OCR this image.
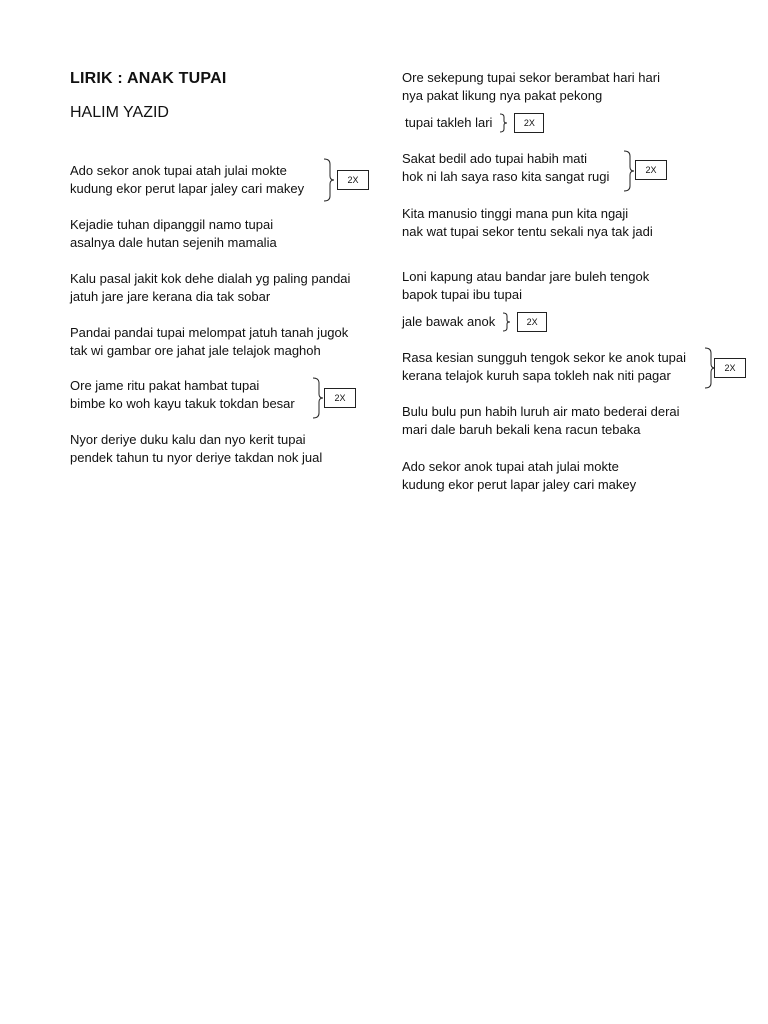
LIRIK : ANAK TUPAI
HALIM YAZID
Ado sekor anok tupai atah julai mokte
kudung ekor perut lapar jaley cari makey
2X
Kejadie tuhan dipanggil namo tupai
asalnya dale hutan sejenih mamalia
Kalu pasal jakit kok dehe dialah yg paling pandai
jatuh jare jare kerana dia tak sobar
Pandai pandai tupai melompat jatuh tanah jugok
tak wi gambar ore jahat jale telajok maghoh
Ore jame ritu pakat hambat tupai
bimbe ko woh kayu takuk tokdan besar	2X
Nyor deriye duku kalu dan nyo kerit tupai
pendek tahun tu nyor deriye takdan nok jual
Ore sekepung tupai sekor berambat hari hari
nya pakat likung nya pakat pekong
tupai takleh lari	2X
Sakat bedil ado tupai habih mati
hok ni lah saya raso kita sangat rugi	2X
Kita manusio tinggi mana pun kita ngaji
nak wat tupai sekor tentu sekali nya tak jadi
Loni kapung atau bandar jare buleh tengok
bapok tupai ibu tupai
jale bawak anok	2X
Rasa kesian sungguh tengok sekor ke anok tupai
kerana telajok kuruh sapa tokleh nak niti pagar	2X
Bulu bulu pun habih luruh air mato bederai derai
mari dale baruh bekali kena racun tebaka
Ado sekor anok tupai atah julai mokte
kudung ekor perut lapar jaley cari makey
